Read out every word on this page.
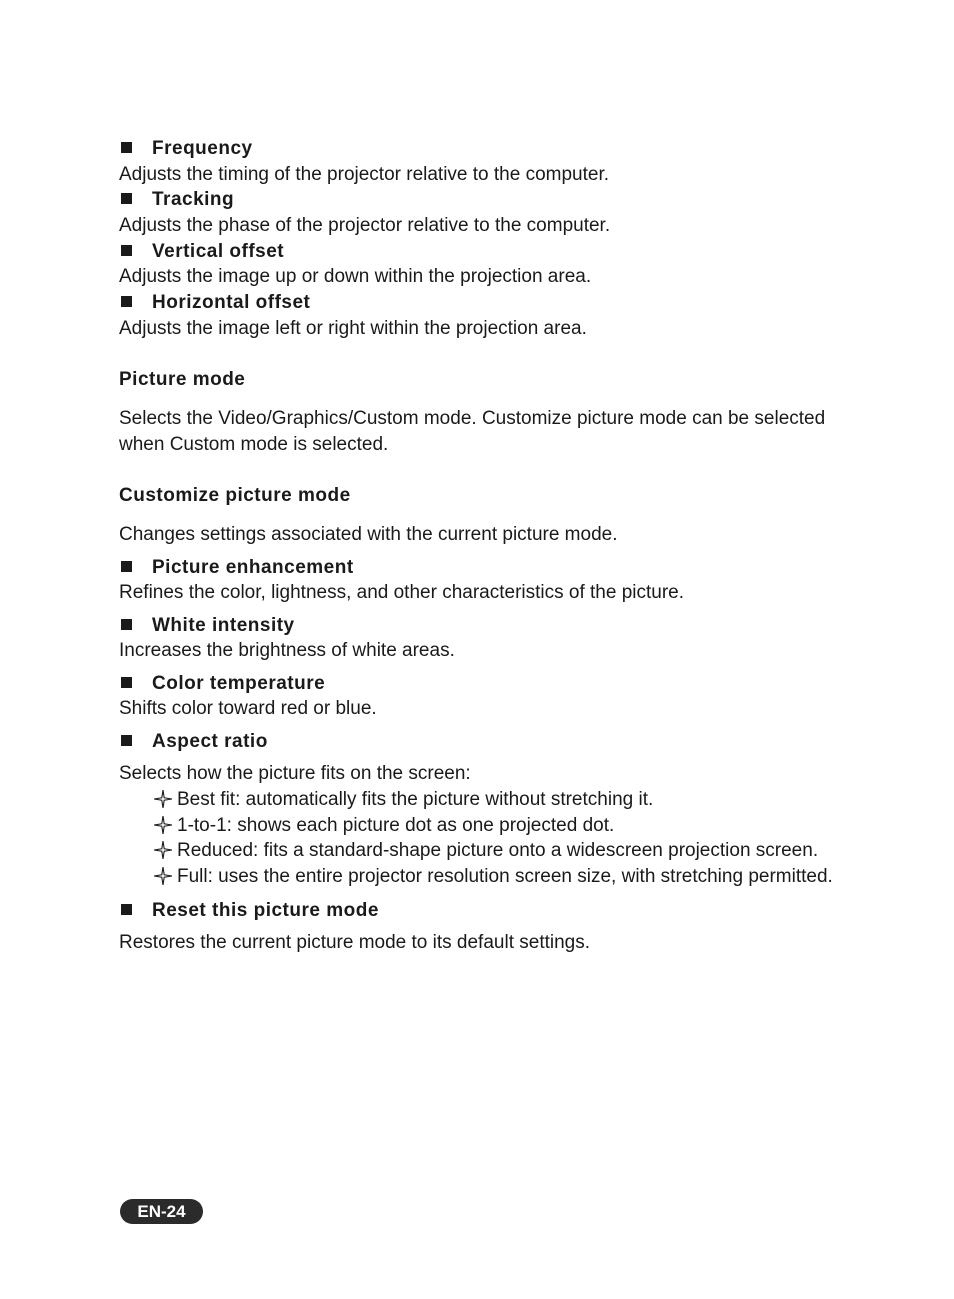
Frequency
Adjusts the timing of the projector relative to the computer.
Tracking
Adjusts the phase of the projector relative to the computer.
Vertical offset
Adjusts the image up or down within the projection area.
Horizontal offset
Adjusts the image left or right within the projection area.
Picture mode
Selects the Video/Graphics/Custom mode. Customize picture mode can be selected
when Custom mode is selected.
Customize picture mode
Changes settings associated with the current picture mode.
Picture enhancement
Refines the color, lightness, and other characteristics of the picture.
White intensity
Increases the brightness of white areas.
Color temperature
Shifts color toward red or blue.
Aspect ratio
Selects how the picture fits on the screen:
Best fit: automatically fits the picture without stretching it.
1-to-1: shows each picture dot as one projected dot.
Reduced: fits a standard-shape picture onto a widescreen projection screen.
Full: uses the entire projector resolution screen size, with stretching permitted.
Reset this picture mode
Restores the current picture mode to its default settings.
EN-24
